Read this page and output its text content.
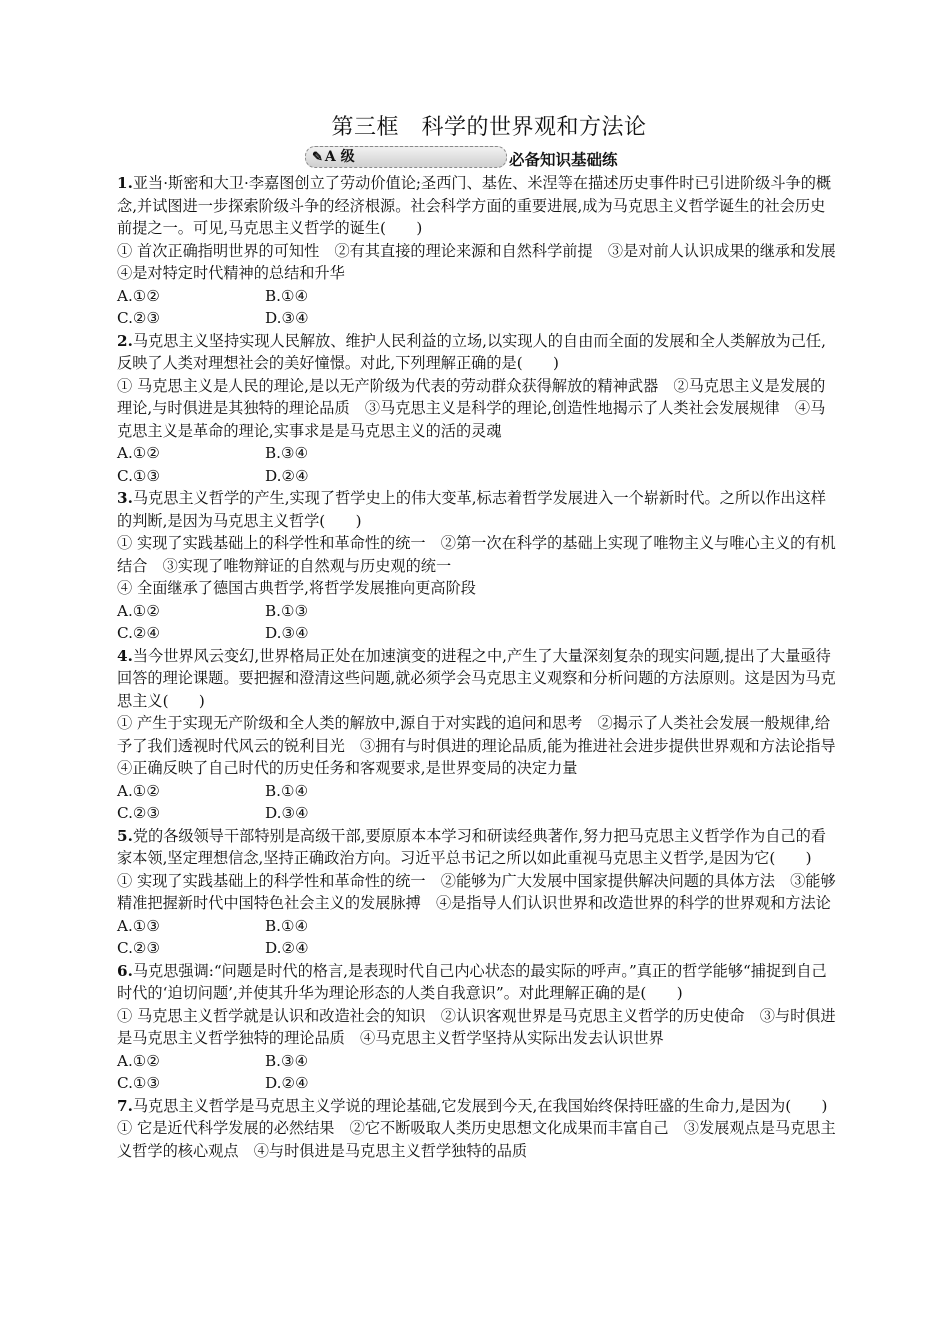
第三框　科学的世界观和方法论
✎ A 级	必备知识基础练

1.亚当·斯密和大卫·李嘉图创立了劳动价值论;圣西门、基佐、米涅等在描述历史事件时已引进阶级斗争的概念,并试图进一步探索阶级斗争的经济根源。社会科学方面的重要进展,成为马克思主义哲学诞生的社会历史前提之一。可见,马克思主义哲学的诞生(　　)

① 首次正确指明世界的可知性　②有其直接的理论来源和自然科学前提　③是对前人认识成果的继承和发展　④是对特定时代精神的总结和升华

A.①②	B.①④
C.②③	D.③④

2.马克思主义坚持实现人民解放、维护人民利益的立场,以实现人的自由而全面的发展和全人类解放为己任,反映了人类对理想社会的美好憧憬。对此,下列理解正确的是(　　)

① 马克思主义是人民的理论,是以无产阶级为代表的劳动群众获得解放的精神武器　②马克思主义是发展的理论,与时俱进是其独特的理论品质　③马克思主义是科学的理论,创造性地揭示了人类社会发展规律　④马克思主义是革命的理论,实事求是是马克思主义的活的灵魂

A.①②	B.③④
C.①③	D.②④

3.马克思主义哲学的产生,实现了哲学史上的伟大变革,标志着哲学发展进入一个崭新时代。之所以作出这样的判断,是因为马克思主义哲学(　　)

① 实现了实践基础上的科学性和革命性的统一　②第一次在科学的基础上实现了唯物主义与唯心主义的有机结合　③实现了唯物辩证的自然观与历史观的统一

④ 全面继承了德国古典哲学,将哲学发展推向更高阶段

A.①②	B.①③
C.②④	D.③④

4.当今世界风云变幻,世界格局正处在加速演变的进程之中,产生了大量深刻复杂的现实问题,提出了大量亟待回答的理论课题。要把握和澄清这些问题,就必须学会马克思主义观察和分析问题的方法原则。这是因为马克思主义(　　)

① 产生于实现无产阶级和全人类的解放中,源自于对实践的追问和思考　②揭示了人类社会发展一般规律,给予了我们透视时代风云的锐利目光　③拥有与时俱进的理论品质,能为推进社会进步提供世界观和方法论指导　④正确反映了自己时代的历史任务和客观要求,是世界变局的决定力量

A.①②	B.①④
C.②③	D.③④

5.党的各级领导干部特别是高级干部,要原原本本学习和研读经典著作,努力把马克思主义哲学作为自己的看家本领,坚定理想信念,坚持正确政治方向。习近平总书记之所以如此重视马克思主义哲学,是因为它(　　)

① 实现了实践基础上的科学性和革命性的统一　②能够为广大发展中国家提供解决问题的具体方法　③能够精准把握新时代中国特色社会主义的发展脉搏　④是指导人们认识世界和改造世界的科学的世界观和方法论

A.①③	B.①④
C.②③	D.②④

6.马克思强调:“问题是时代的格言,是表现时代自己内心状态的最实际的呼声。”真正的哲学能够“捕捉到自己时代的‘迫切问题’,并使其升华为理论形态的人类自我意识”。对此理解正确的是(　　)

① 马克思主义哲学就是认识和改造社会的知识　②认识客观世界是马克思主义哲学的历史使命　③与时俱进是马克思主义哲学独特的理论品质　④马克思主义哲学坚持从实际出发去认识世界

A.①②	B.③④
C.①③	D.②④

7.马克思主义哲学是马克思主义学说的理论基础,它发展到今天,在我国始终保持旺盛的生命力,是因为(　　)

① 它是近代科学发展的必然结果　②它不断吸取人类历史思想文化成果而丰富自己　③发展观点是马克思主义哲学的核心观点　④与时俱进是马克思主义哲学独特的品质
